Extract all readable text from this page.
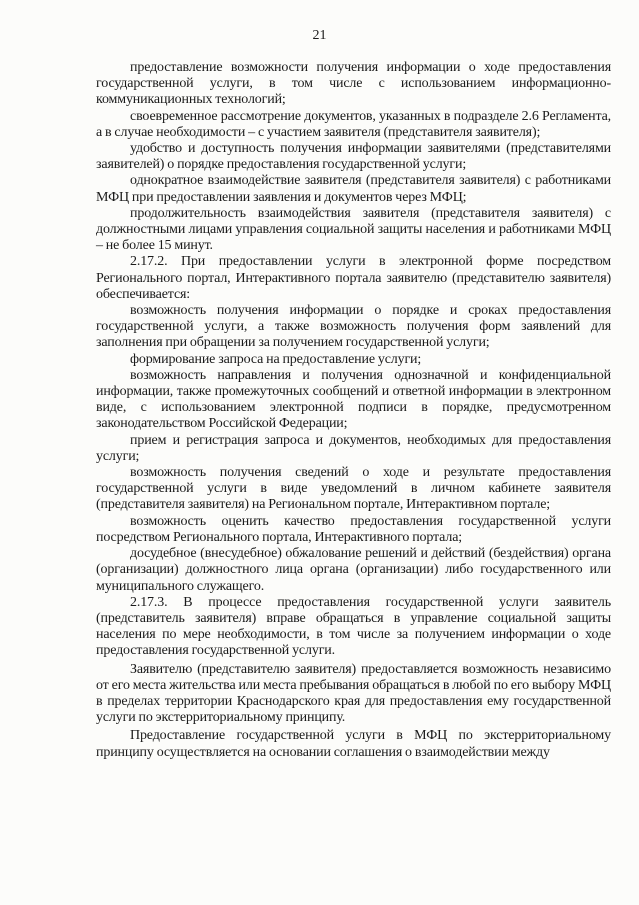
21

предоставление возможности получения информации о ходе предоставления государственной услуги, в том числе с использованием информационно-коммуникационных технологий;

своевременное рассмотрение документов, указанных в подразделе 2.6 Регламента, а в случае необходимости – с участием заявителя (представителя заявителя);

удобство и доступность получения информации заявителями (представителями заявителей) о порядке предоставления государственной услуги;

однократное взаимодействие заявителя (представителя заявителя) с работниками МФЦ при предоставлении заявления и документов через МФЦ;

продолжительность взаимодействия заявителя (представителя заявителя) с должностными лицами управления социальной защиты населения и работниками МФЦ – не более 15 минут.

2.17.2. При предоставлении услуги в электронной форме посредством Регионального портал, Интерактивного портала заявителю (представителю заявителя) обеспечивается:

возможность получения информации о порядке и сроках предоставления государственной услуги, а также возможность получения форм заявлений для заполнения при обращении за получением государственной услуги;

формирование запроса на предоставление услуги;

возможность направления и получения однозначной и конфиденциальной информации, также промежуточных сообщений и ответной информации в электронном виде, с использованием электронной подписи в порядке, предусмотренном законодательством Российской Федерации;

прием и регистрация запроса и документов, необходимых для предоставления услуги;

возможность получения сведений о ходе и результате предоставления государственной услуги в виде уведомлений в личном кабинете заявителя (представителя заявителя) на Региональном портале, Интерактивном портале;

возможность оценить качество предоставления государственной услуги посредством Регионального портала, Интерактивного портала;

досудебное (внесудебное) обжалование решений и действий (бездействия) органа (организации) должностного лица органа (организации) либо государственного или муниципального служащего.

2.17.3. В процессе предоставления государственной услуги заявитель (представитель заявителя) вправе обращаться в управление социальной защиты населения по мере необходимости, в том числе за получением информации о ходе предоставления государственной услуги.

Заявителю (представителю заявителя) предоставляется возможность независимо от его места жительства или места пребывания обращаться в любой по его выбору МФЦ в пределах территории Краснодарского края для предоставления ему государственной услуги по экстерриториальному принципу.

Предоставление государственной услуги в МФЦ по экстерриториальному принципу осуществляется на основании соглашения о взаимодействии между
